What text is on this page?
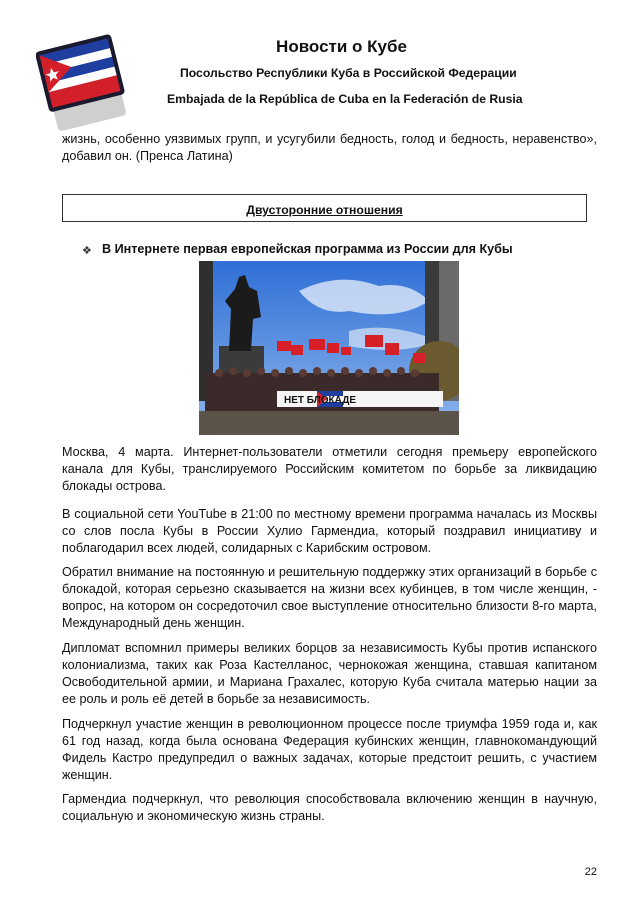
Новости о Кубе
Посольство Республики Куба в Российской Федерации
Embajada de la República de Cuba en la Federación de Rusia

жизнь, особенно уязвимых групп, и усугубили бедность, голод и бедность, неравенство», добавил он. (Пренса Латина)

Двусторонние отношения
❖ В Интернете первая европейская программа из России для Кубы
НЕТ БЛОКАДЕ

Москва, 4 марта. Интернет-пользователи отметили сегодня премьеру европейского канала для Кубы, транслируемого Российским комитетом по борьбе за ликвидацию блокады острова.

В социальной сети YouTube в 21:00 по местному времени программа началась из Москвы со слов посла Кубы в России Хулио Гармендиа, который поздравил инициативу и поблагодарил всех людей, солидарных с Карибским островом.

Обратил внимание на постоянную и решительную поддержку этих организаций в борьбе с блокадой, которая серьезно сказывается на жизни всех кубинцев, в том числе женщин, - вопрос, на котором он сосредоточил свое выступление относительно близости 8-го марта, Международный день женщин.

Дипломат вспомнил примеры великих борцов за независимость Кубы против испанского колониализма, таких как Роза Кастелланос, чернокожая женщина, ставшая капитаном Освободительной армии, и Мариана Грахалес, которую Куба считала матерью нации за ее роль и роль её детей в борьбе за независимость.

Подчеркнул участие женщин в революционном процессе после триумфа 1959 года и, как 61 год назад, когда была основана Федерация кубинских женщин, главнокомандующий Фидель Кастро предупредил о важных задачах, которые предстоит решить, с участием женщин.

Гармендиа подчеркнул, что революция способствовала включению женщин в научную, социальную и экономическую жизнь страны.

22
